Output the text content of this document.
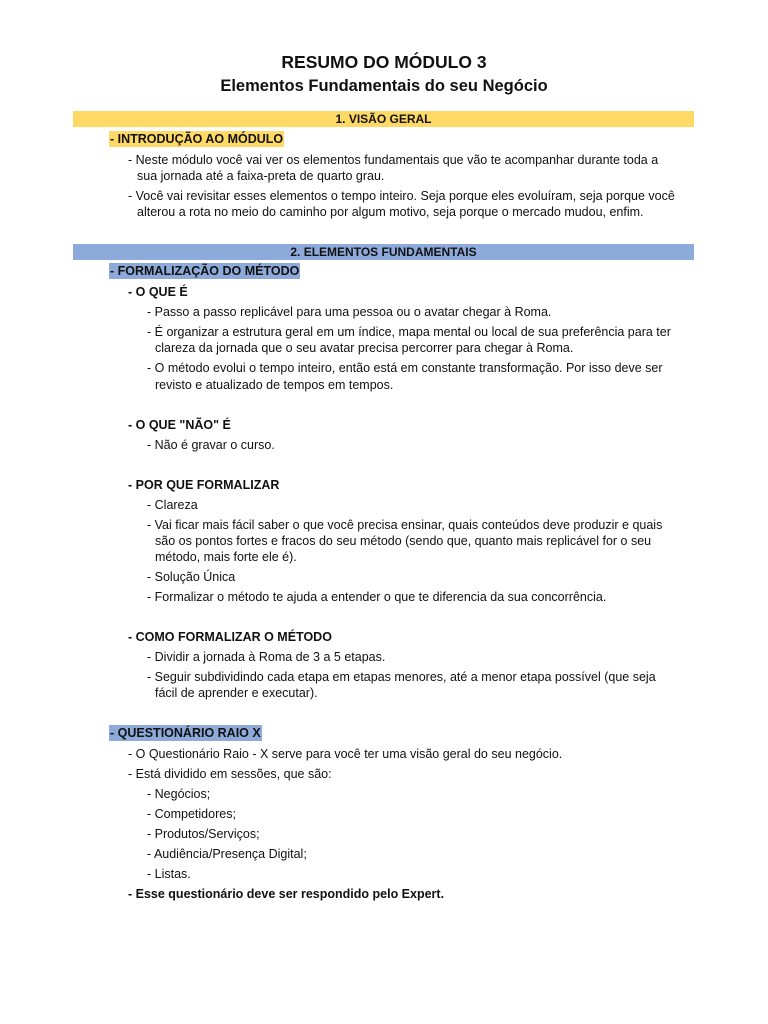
RESUMO DO MÓDULO 3
Elementos Fundamentais do seu Negócio
1. VISÃO GERAL
- INTRODUÇÃO AO MÓDULO
- Neste módulo você vai ver os elementos fundamentais que vão te acompanhar durante toda a
sua jornada até a faixa-preta de quarto grau.
- Você vai revisitar esses elementos o tempo inteiro. Seja porque eles evoluíram, seja porque você
alterou a rota no meio do caminho por algum motivo, seja porque o mercado mudou, enfim.
2. ELEMENTOS FUNDAMENTAIS
- FORMALIZAÇÃO DO MÉTODO
- O QUE É
- Passo a passo replicável para uma pessoa ou o avatar chegar à Roma.
- É organizar a estrutura geral em um índice, mapa mental ou local de sua preferência para ter
clareza da jornada que o seu avatar precisa percorrer para chegar à Roma.
- O método evolui o tempo inteiro, então está em constante transformação. Por isso deve ser
revisto e atualizado de tempos em tempos.
- O QUE "NÃO" É
- Não é gravar o curso.
- POR QUE FORMALIZAR
- Clareza
- Vai ficar mais fácil saber o que você precisa ensinar, quais conteúdos deve produzir e quais
são os pontos fortes e fracos do seu método (sendo que, quanto mais replicável for o seu
método, mais forte ele é).
- Solução Única
- Formalizar o método te ajuda a entender o que te diferencia da sua concorrência.
- COMO FORMALIZAR O MÉTODO
- Dividir a jornada à Roma de 3 a 5 etapas.
- Seguir subdividindo cada etapa em etapas menores, até a menor etapa possível (que seja
fácil de aprender e executar).
- QUESTIONÁRIO RAIO X
- O Questionário Raio - X serve para você ter uma visão geral do seu negócio.
- Está dividido em sessões, que são:
- Negócios;
- Competidores;
- Produtos/Serviços;
- Audiência/Presença Digital;
- Listas.
- Esse questionário deve ser respondido pelo Expert.
